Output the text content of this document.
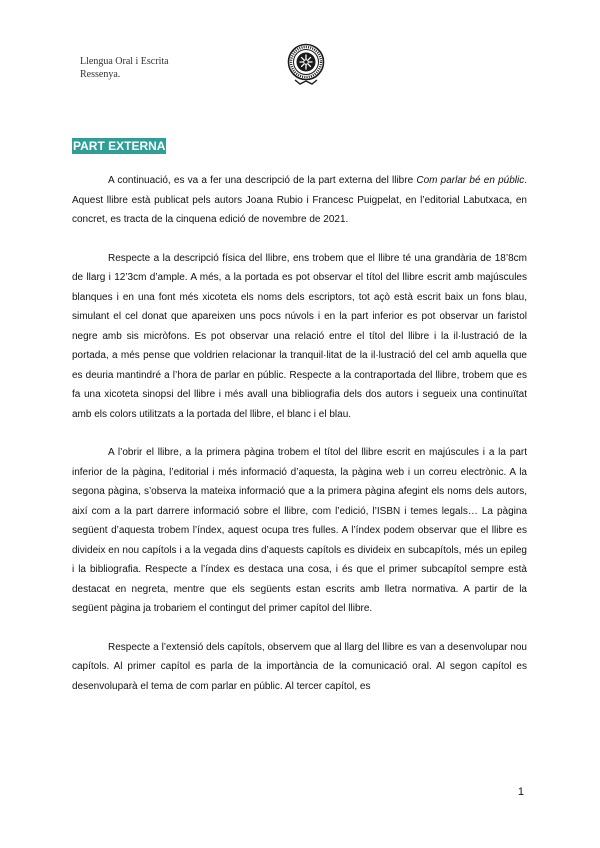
Llengua Oral i Escrita
Ressenya.
PART EXTERNA

A continuació, es va a fer una descripció de la part externa del llibre Com parlar bé en públic. Aquest llibre està publicat pels autors Joana Rubio i Francesc Puigpelat, en l’editorial Labutxaca, en concret, es tracta de la cinquena edició de novembre de 2021.

Respecte a la descripció física del llibre, ens trobem que el llibre té una grandària de 18’8cm de llarg i 12’3cm d’ample. A més, a la portada es pot observar el títol del llibre escrit amb majúscules blanques i en una font més xicoteta els noms dels escriptors, tot açò està escrit baix un fons blau, simulant el cel donat que apareixen uns pocs núvols i en la part inferior es pot observar un faristol negre amb sis micròfons. Es pot observar una relació entre el títol del llibre i la il·lustració de la portada, a més pense que voldrien relacionar la tranquil·litat de la il·lustració del cel amb aquella que es deuria mantindré a l’hora de parlar en públic. Respecte a la contraportada del llibre, trobem que es fa una xicoteta sinopsi del llibre i més avall una bibliografia dels dos autors i segueix una continuïtat amb els colors utilitzats a la portada del llibre, el blanc i el blau.

A l’obrir el llibre, a la primera pàgina trobem el títol del llibre escrit en majúscules i a la part inferior de la pàgina, l’editorial i més informació d’aquesta, la pàgina web i un correu electrònic. A la segona pàgina, s’observa la mateixa informació que a la primera pàgina afegint els noms dels autors, així com a la part darrere informació sobre el llibre, com l’edició, l’ISBN i temes legals… La pàgina següent d’aquesta trobem l’índex, aquest ocupa tres fulles. A l’índex podem observar que el llibre es divideix en nou capítols i a la vegada dins d’aquests capítols es divideix en subcapítols, més un epileg i la bibliografia. Respecte a l’índex es destaca una cosa, i és que el primer subcapítol sempre està destacat en negreta, mentre que els següents estan escrits amb lletra normativa. A partir de la següent pàgina ja trobariem el contingut del primer capítol del llibre.

Respecte a l’extensió dels capítols, observem que al llarg del llibre es van a desenvolupar nou capítols. Al primer capítol es parla de la importància de la comunicació oral. Al segon capítol es desenvoluparà el tema de com parlar en públic. Al tercer capítol, es

1
